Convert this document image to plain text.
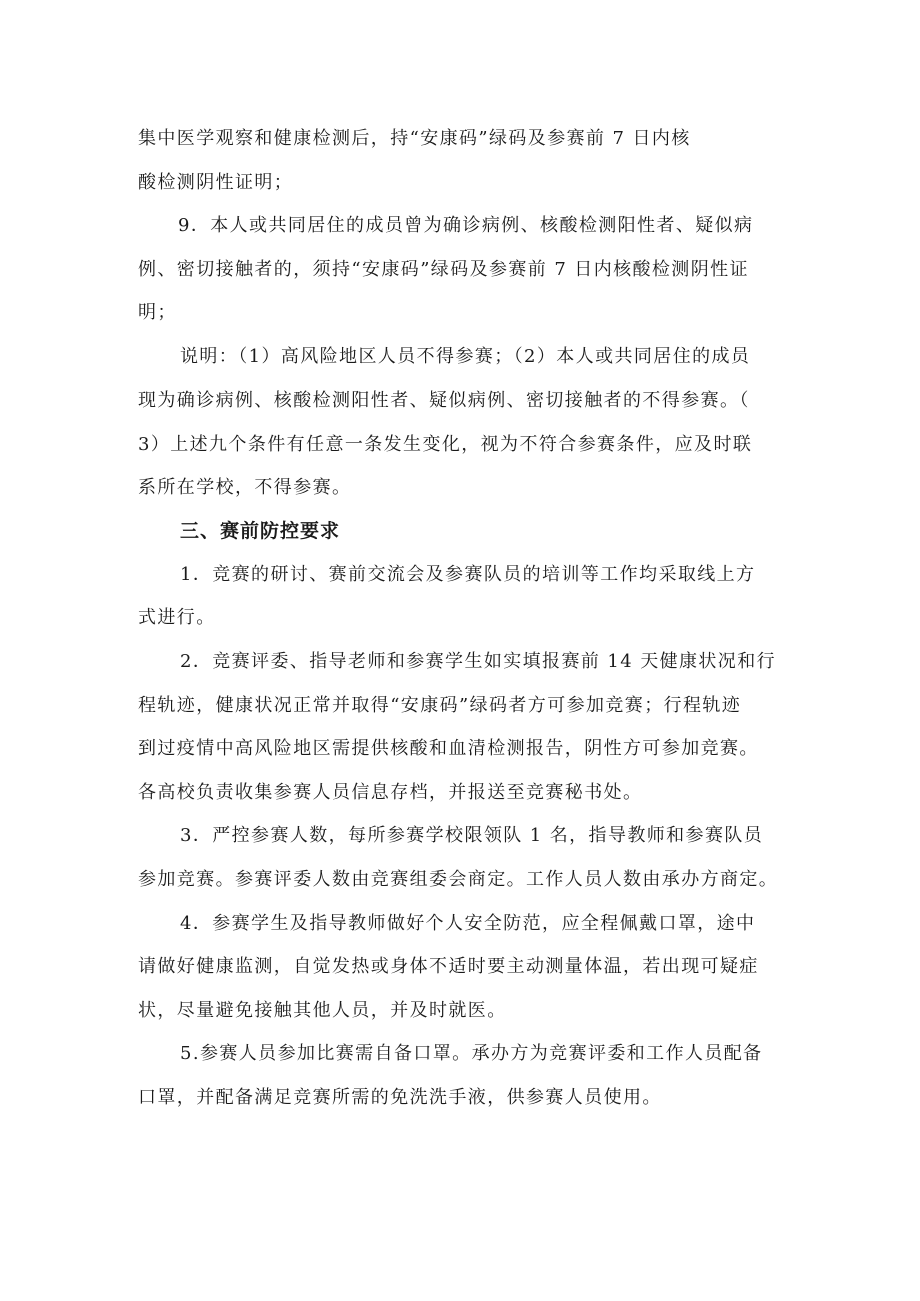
集中医学观察和健康检测后，持“安康码”绿码及参赛前 7 日内核
酸检测阴性证明；
9．本人或共同居住的成员曾为确诊病例、核酸检测阳性者、疑似病
例、密切接触者的，须持“安康码”绿码及参赛前 7 日内核酸检测阴性证
明；
说明：（1）高风险地区人员不得参赛；（2）本人或共同居住的成员
现为确诊病例、核酸检测阳性者、疑似病例、密切接触者的不得参赛。（
3）上述九个条件有任意一条发生变化，视为不符合参赛条件，应及时联
系所在学校，不得参赛。
三、赛前防控要求
1．竞赛的研讨、赛前交流会及参赛队员的培训等工作均采取线上方
式进行。
2．竞赛评委、指导老师和参赛学生如实填报赛前 14 天健康状况和行
程轨迹，健康状况正常并取得“安康码”绿码者方可参加竞赛；行程轨迹
到过疫情中高风险地区需提供核酸和血清检测报告，阴性方可参加竞赛。
各高校负责收集参赛人员信息存档，并报送至竞赛秘书处。
3．严控参赛人数，每所参赛学校限领队 1 名，指导教师和参赛队员
参加竞赛。参赛评委人数由竞赛组委会商定。工作人员人数由承办方商定。
4．参赛学生及指导教师做好个人安全防范，应全程佩戴口罩，途中
请做好健康监测，自觉发热或身体不适时要主动测量体温，若出现可疑症
状，尽量避免接触其他人员，并及时就医。
5.参赛人员参加比赛需自备口罩。承办方为竞赛评委和工作人员配备
口罩，并配备满足竞赛所需的免洗洗手液，供参赛人员使用。
